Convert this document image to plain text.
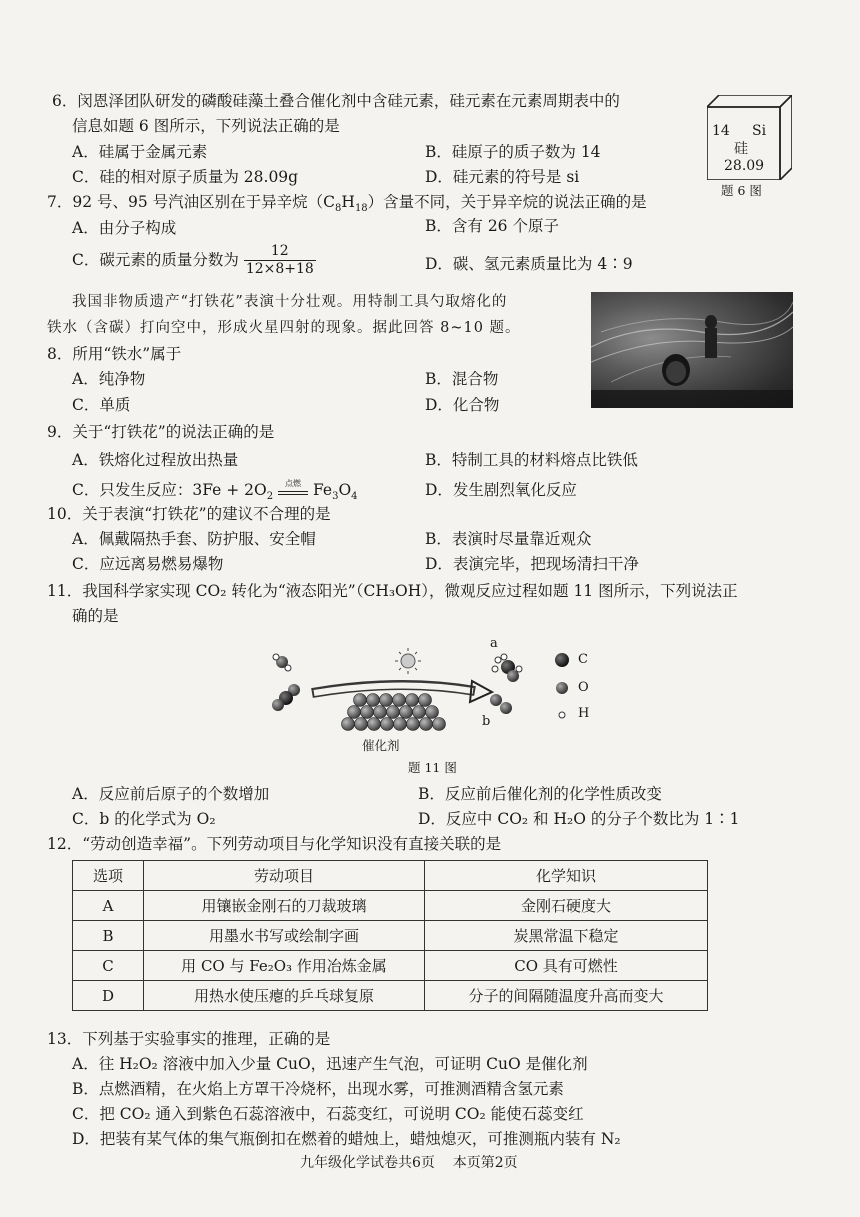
6．闵恩泽团队研发的磷酸硅藻土叠合催化剂中含硅元素，硅元素在元素周期表中的
信息如题 6 图所示，下列说法正确的是
A．硅属于金属元素	B．硅原子的质子数为 14
C．硅的相对原子质量为 28.09g	D．硅元素的符号是 si
14 Si
硅
28.09
题 6 图
7．92 号、95 号汽油区别在于异辛烷$(C_8H_{18})$含量不同，关于异辛烷的说法正确的是
A．由分子构成	B．含有 26 个原子
C．碳元素的质量分数为 $\frac{12}{12\times 8+18}$	D．碳、氢元素质量比为 4∶9
我国非物质遗产“打铁花”表演十分壮观。用特制工具勺取熔化的
铁水（含碳）打向空中，形成火星四射的现象。据此回答 8~10 题。
8．所用“铁水”属于
A．纯净物	B．混合物
C．单质	D．化合物
9．关于“打铁花”的说法正确的是
A．铁熔化过程放出热量	B．特制工具的材料熔点比铁低
C．只发生反应：$3Fe + 2O_2$
点燃 $Fe_3O_4$	D．发生剧烈氧化反应
10．关于表演“打铁花”的建议不合理的是
A．佩戴隔热手套、防护服、安全帽	B．表演时尽量靠近观众
C．应远离易燃易爆物	D．表演完毕，把现场清扫干净
11．我国科学家实现 CO₂ 转化为“液态阳光”（CH₃OH），微观反应过程如题 11 图所示，下列说法正
确的是
a
b
C
O
H
催化剂
题 11 图
A．反应前后原子的个数增加	B．反应前后催化剂的化学性质改变
C．b 的化学式为 O₂	D．反应中 CO₂ 和 H₂O 的分子个数比为 1∶1
12．“劳动创造幸福”。下列劳动项目与化学知识没有直接关联的是
选项	劳动项目	化学知识
A	用镶嵌金刚石的刀裁玻璃	金刚石硬度大
B	用墨水书写或绘制字画	炭黑常温下稳定
C	用 CO 与 Fe₂O₃ 作用冶炼金属	CO 具有可燃性
D	用热水使压瘪的乒乓球复原	分子的间隔随温度升高而变大
13．下列基于实验事实的推理，正确的是
A．往 H₂O₂ 溶液中加入少量 CuO，迅速产生气泡，可证明 CuO 是催化剂
B．点燃酒精，在火焰上方罩干冷烧杯，出现水雾，可推测酒精含氢元素
C．把 CO₂ 通入到紫色石蕊溶液中，石蕊变红，可说明 CO₂ 能使石蕊变红
D．把装有某气体的集气瓶倒扣在燃着的蜡烛上，蜡烛熄灭，可推测瓶内装有 N₂
九年级化学试卷共6页    本页第2页
